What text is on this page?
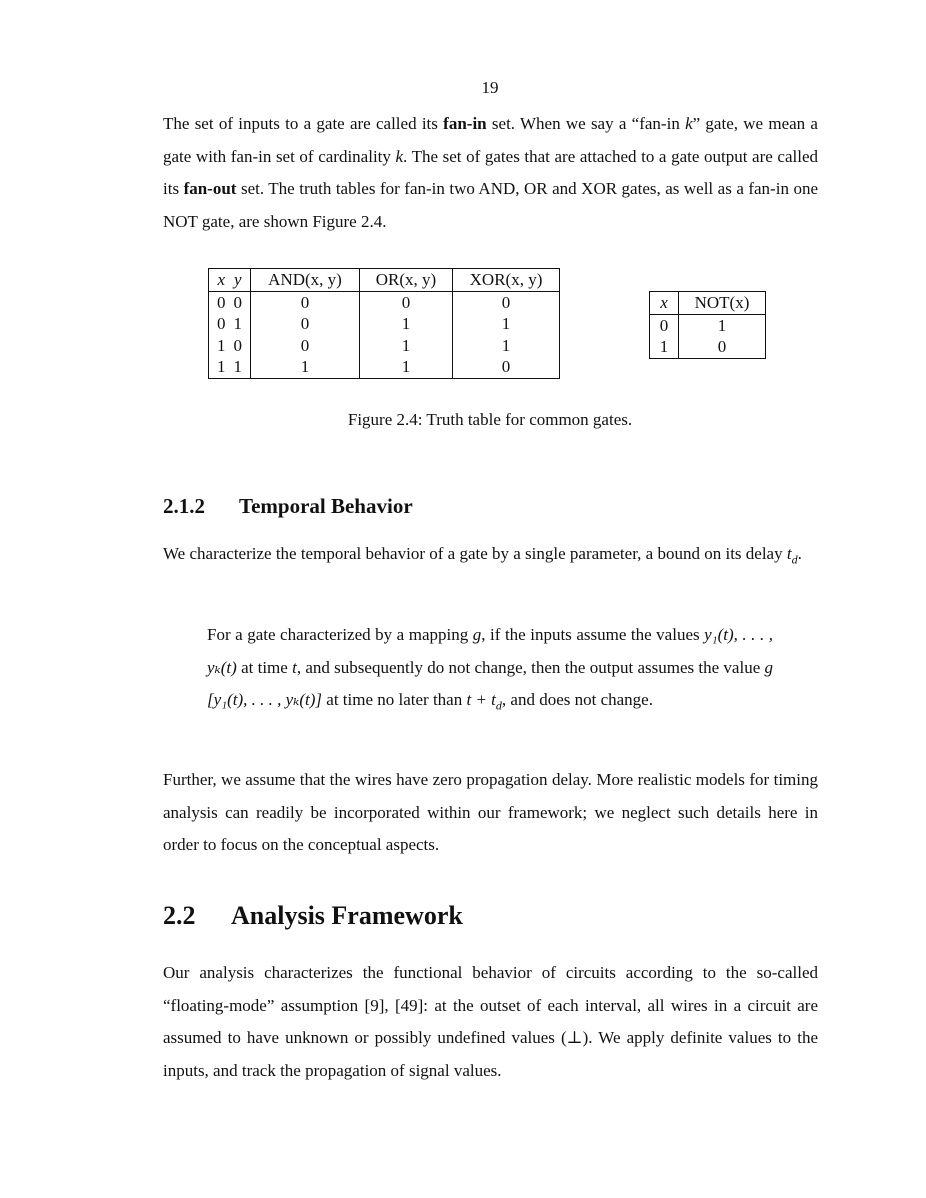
19
The set of inputs to a gate are called its fan-in set. When we say a “fan-in k” gate, we mean a gate with fan-in set of cardinality k. The set of gates that are attached to a gate output are called its fan-out set. The truth tables for fan-in two AND, OR and XOR gates, as well as a fan-in one NOT gate, are shown Figure 2.4.
x	y	AND(x, y)	OR(x, y)	XOR(x, y)
0	0	0	0	0
0	1	0	1	1
1	0	0	1	1
1	1	1	1	0
x	NOT(x)
0	1
1	0
Figure 2.4: Truth table for common gates.
2.1.2 Temporal Behavior
We characterize the temporal behavior of a gate by a single parameter, a bound on its delay $t_d$.
For a gate characterized by a mapping g, if the inputs assume the values y₁(t), . . . , yₖ(t) at time t, and subsequently do not change, then the output assumes the value g [y₁(t), . . . , yₖ(t)] at time no later than $t + t_d$, and does not change.
Further, we assume that the wires have zero propagation delay. More realistic models for timing analysis can readily be incorporated within our framework; we neglect such details here in order to focus on the conceptual aspects.
2.2 Analysis Framework
Our analysis characterizes the functional behavior of circuits according to the so-called “floating-mode” assumption [9], [49]: at the outset of each interval, all wires in a circuit are assumed to have unknown or possibly undefined values (⊥). We apply definite values to the inputs, and track the propagation of signal values.
